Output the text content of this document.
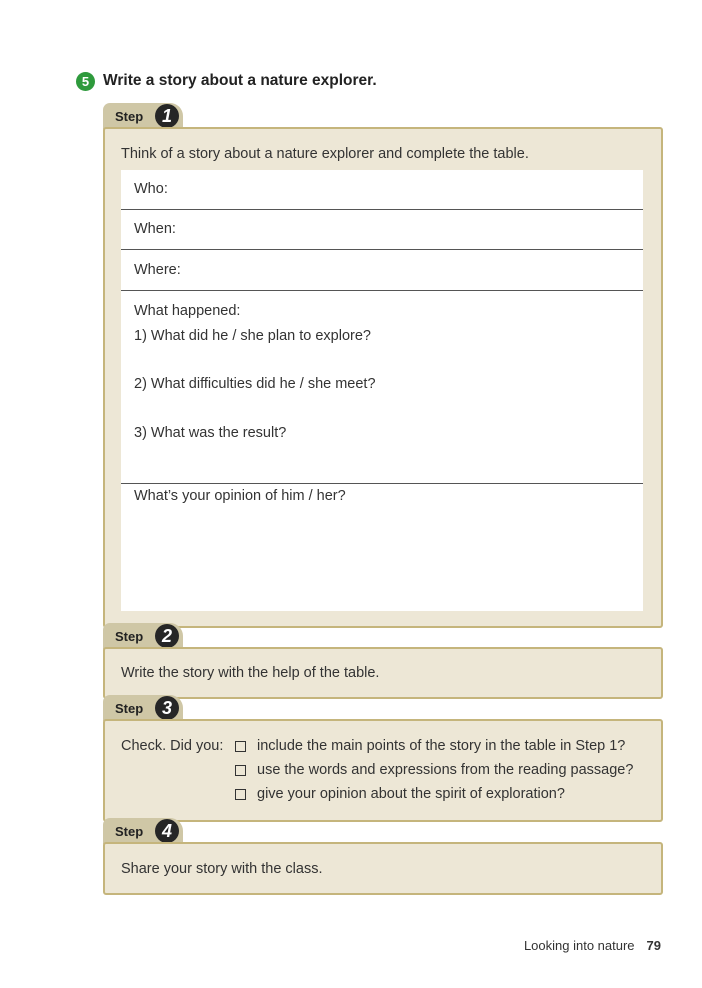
5 Write a story about a nature explorer.
Step	1
Think of a story about a nature explorer and complete the table.
Who:
When:
Where:
What happened:
1) What did he / she plan to explore?
2) What difficulties did he / she meet?
3) What was the result?
What’s your opinion of him / her?
Step	2
Write the story with the help of the table.
Step	3
Check. Did you: include the main points of the story in the table in Step 1?
use the words and expressions from the reading passage?
give your opinion about the spirit of exploration?
Step	4
Share your story with the class.
Looking into nature 79
